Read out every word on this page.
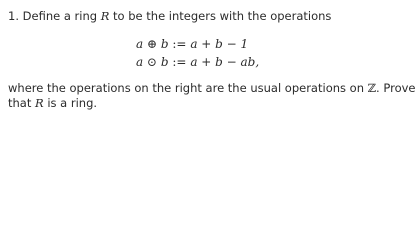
1. Define a ring R to be the integers with the operations
a ⊕ b := a + b − 1
a ⊙ b := a + b − ab,
where the operations on the right are the usual operations on ℤ. Prove
that R is a ring.
